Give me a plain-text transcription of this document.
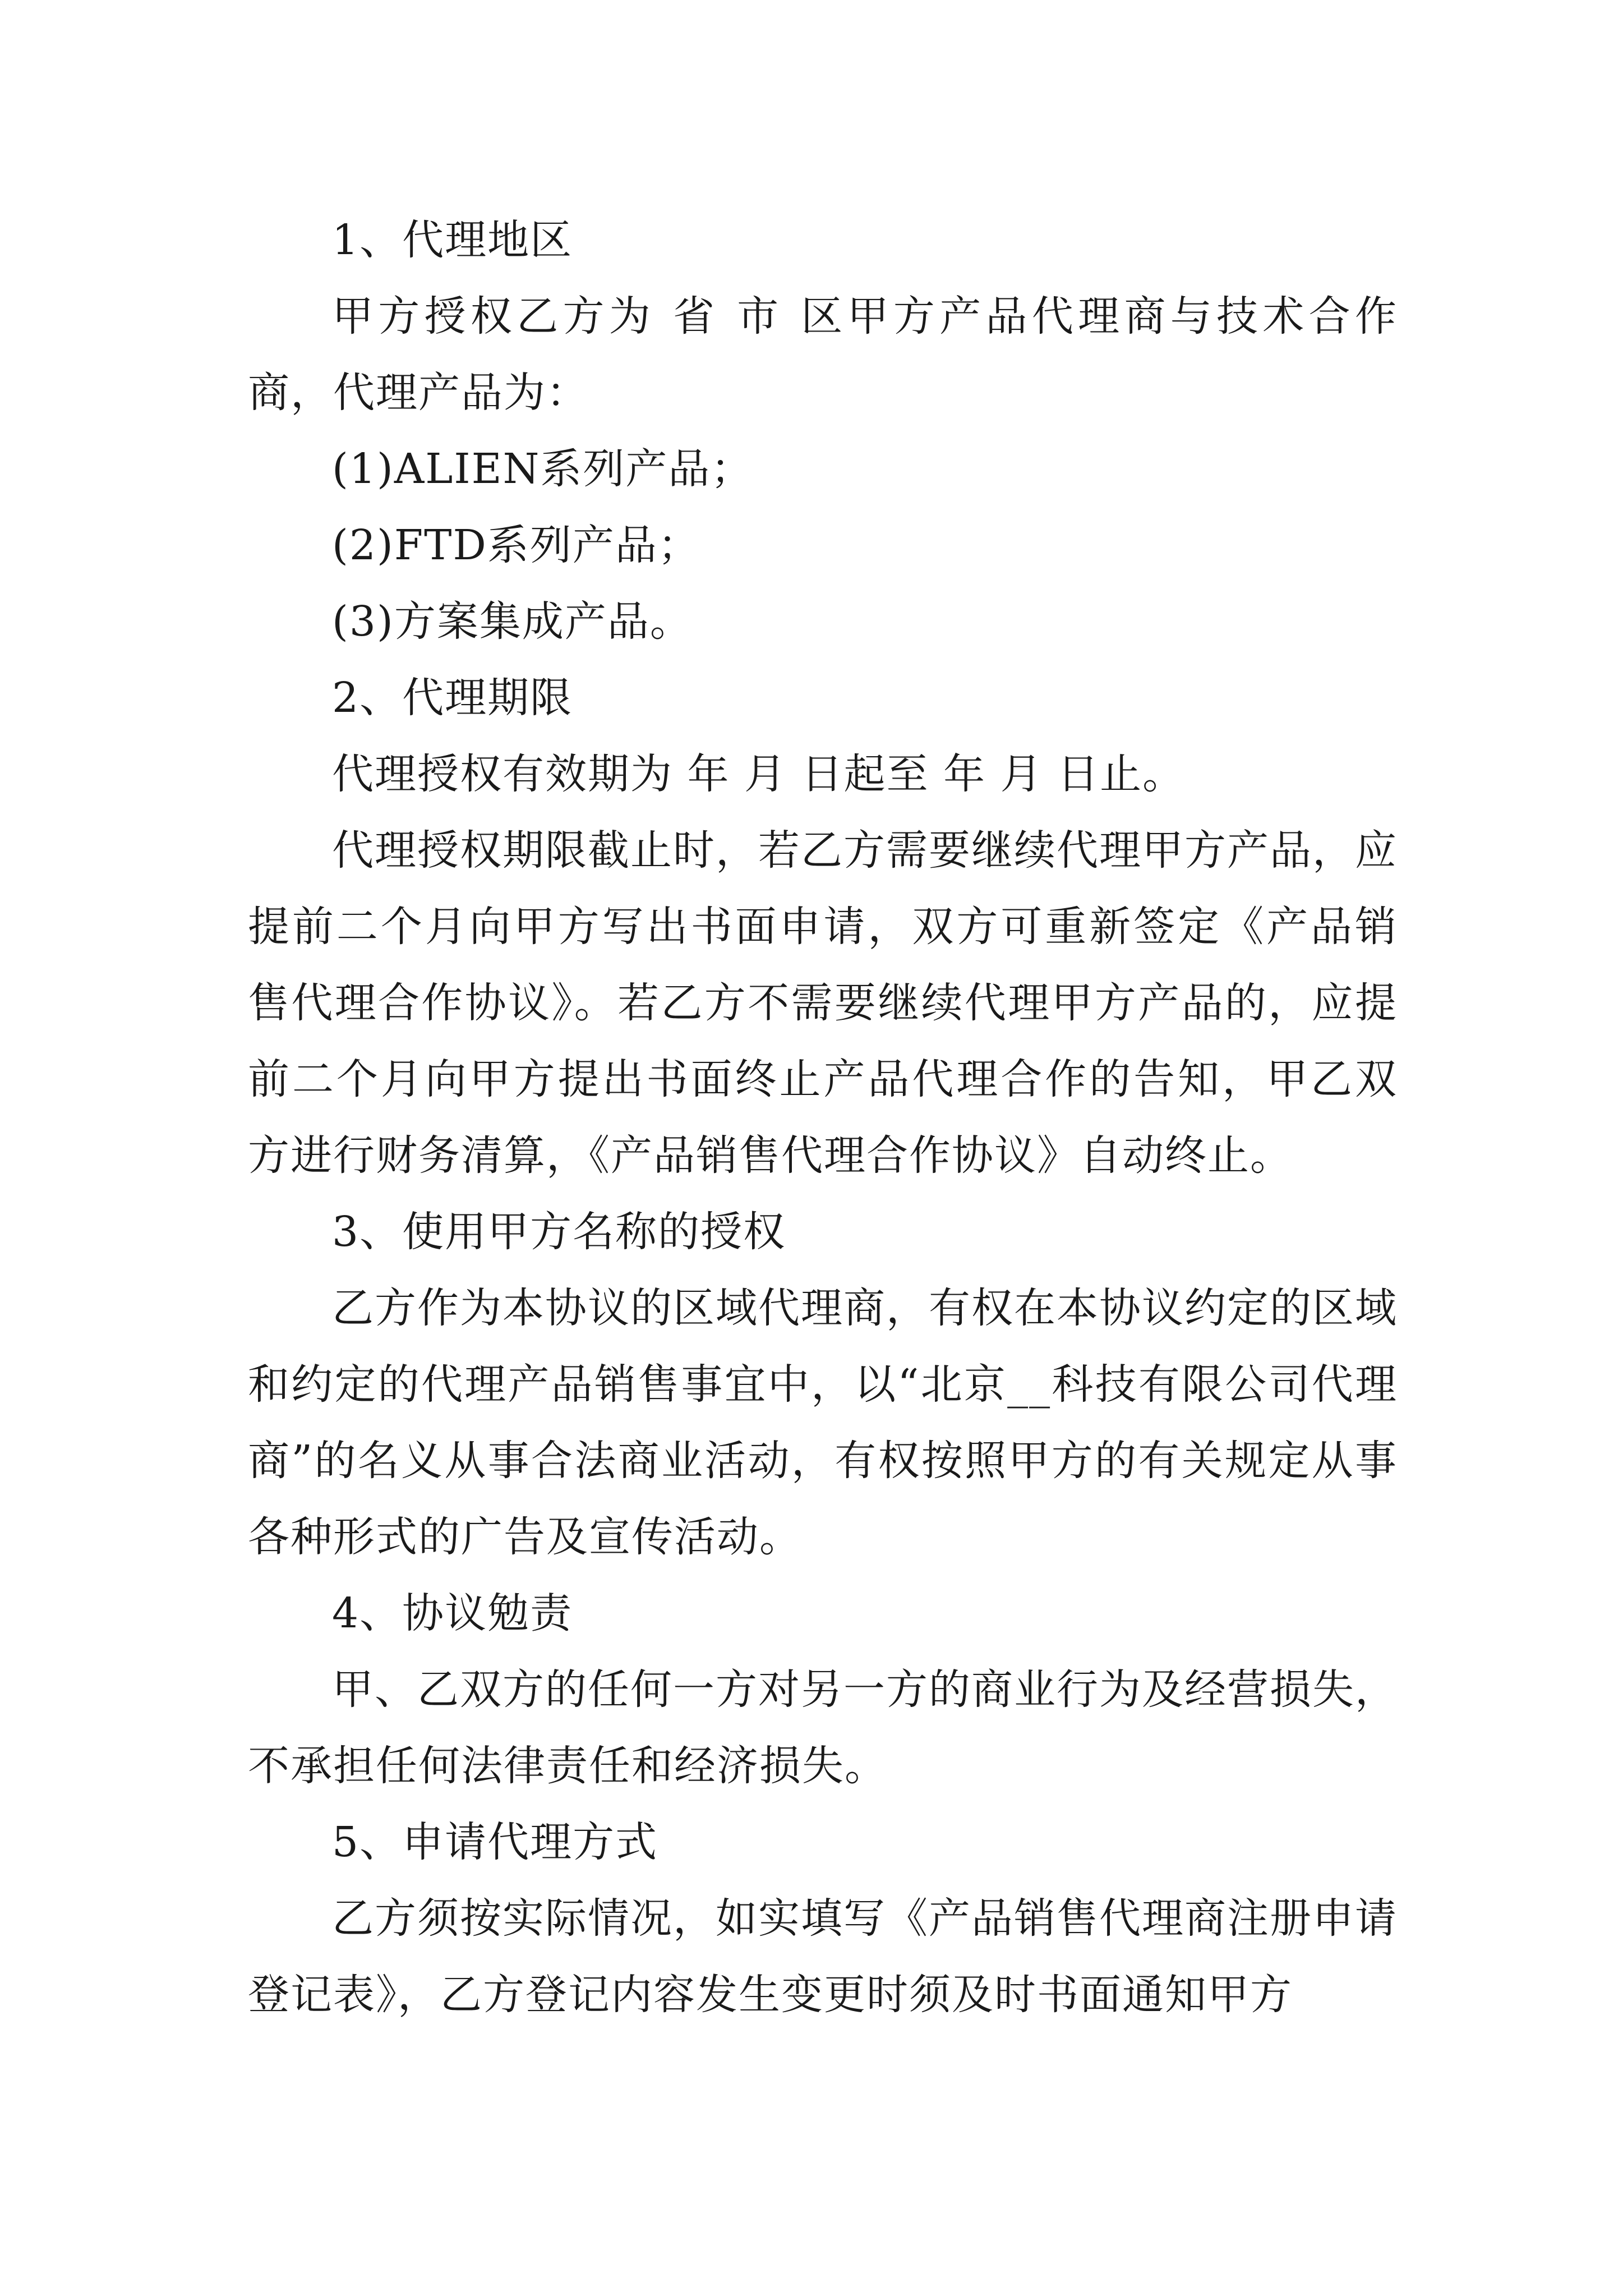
1、代理地区

甲方授权乙方为 省 市 区甲方产品代理商与技术合作商，代理产品为：

(1)ALIEN系列产品；

(2)FTD系列产品；

(3)方案集成产品。

2、代理期限

代理授权有效期为 年 月 日起至 年 月 日止。

代理授权期限截止时，若乙方需要继续代理甲方产品，应提前二个月向甲方写出书面申请，双方可重新签定《产品销售代理合作协议》。若乙方不需要继续代理甲方产品的，应提前二个月向甲方提出书面终止产品代理合作的告知，甲乙双方进行财务清算，《产品销售代理合作协议》自动终止。

3、使用甲方名称的授权

乙方作为本协议的区域代理商，有权在本协议约定的区域和约定的代理产品销售事宜中，以“北京__科技有限公司代理商”的名义从事合法商业活动，有权按照甲方的有关规定从事各种形式的广告及宣传活动。

4、协议勉责

甲、乙双方的任何一方对另一方的商业行为及经营损失，不承担任何法律责任和经济损失。

5、申请代理方式

乙方须按实际情况，如实填写《产品销售代理商注册申请登记表》，乙方登记内容发生变更时须及时书面通知甲方
